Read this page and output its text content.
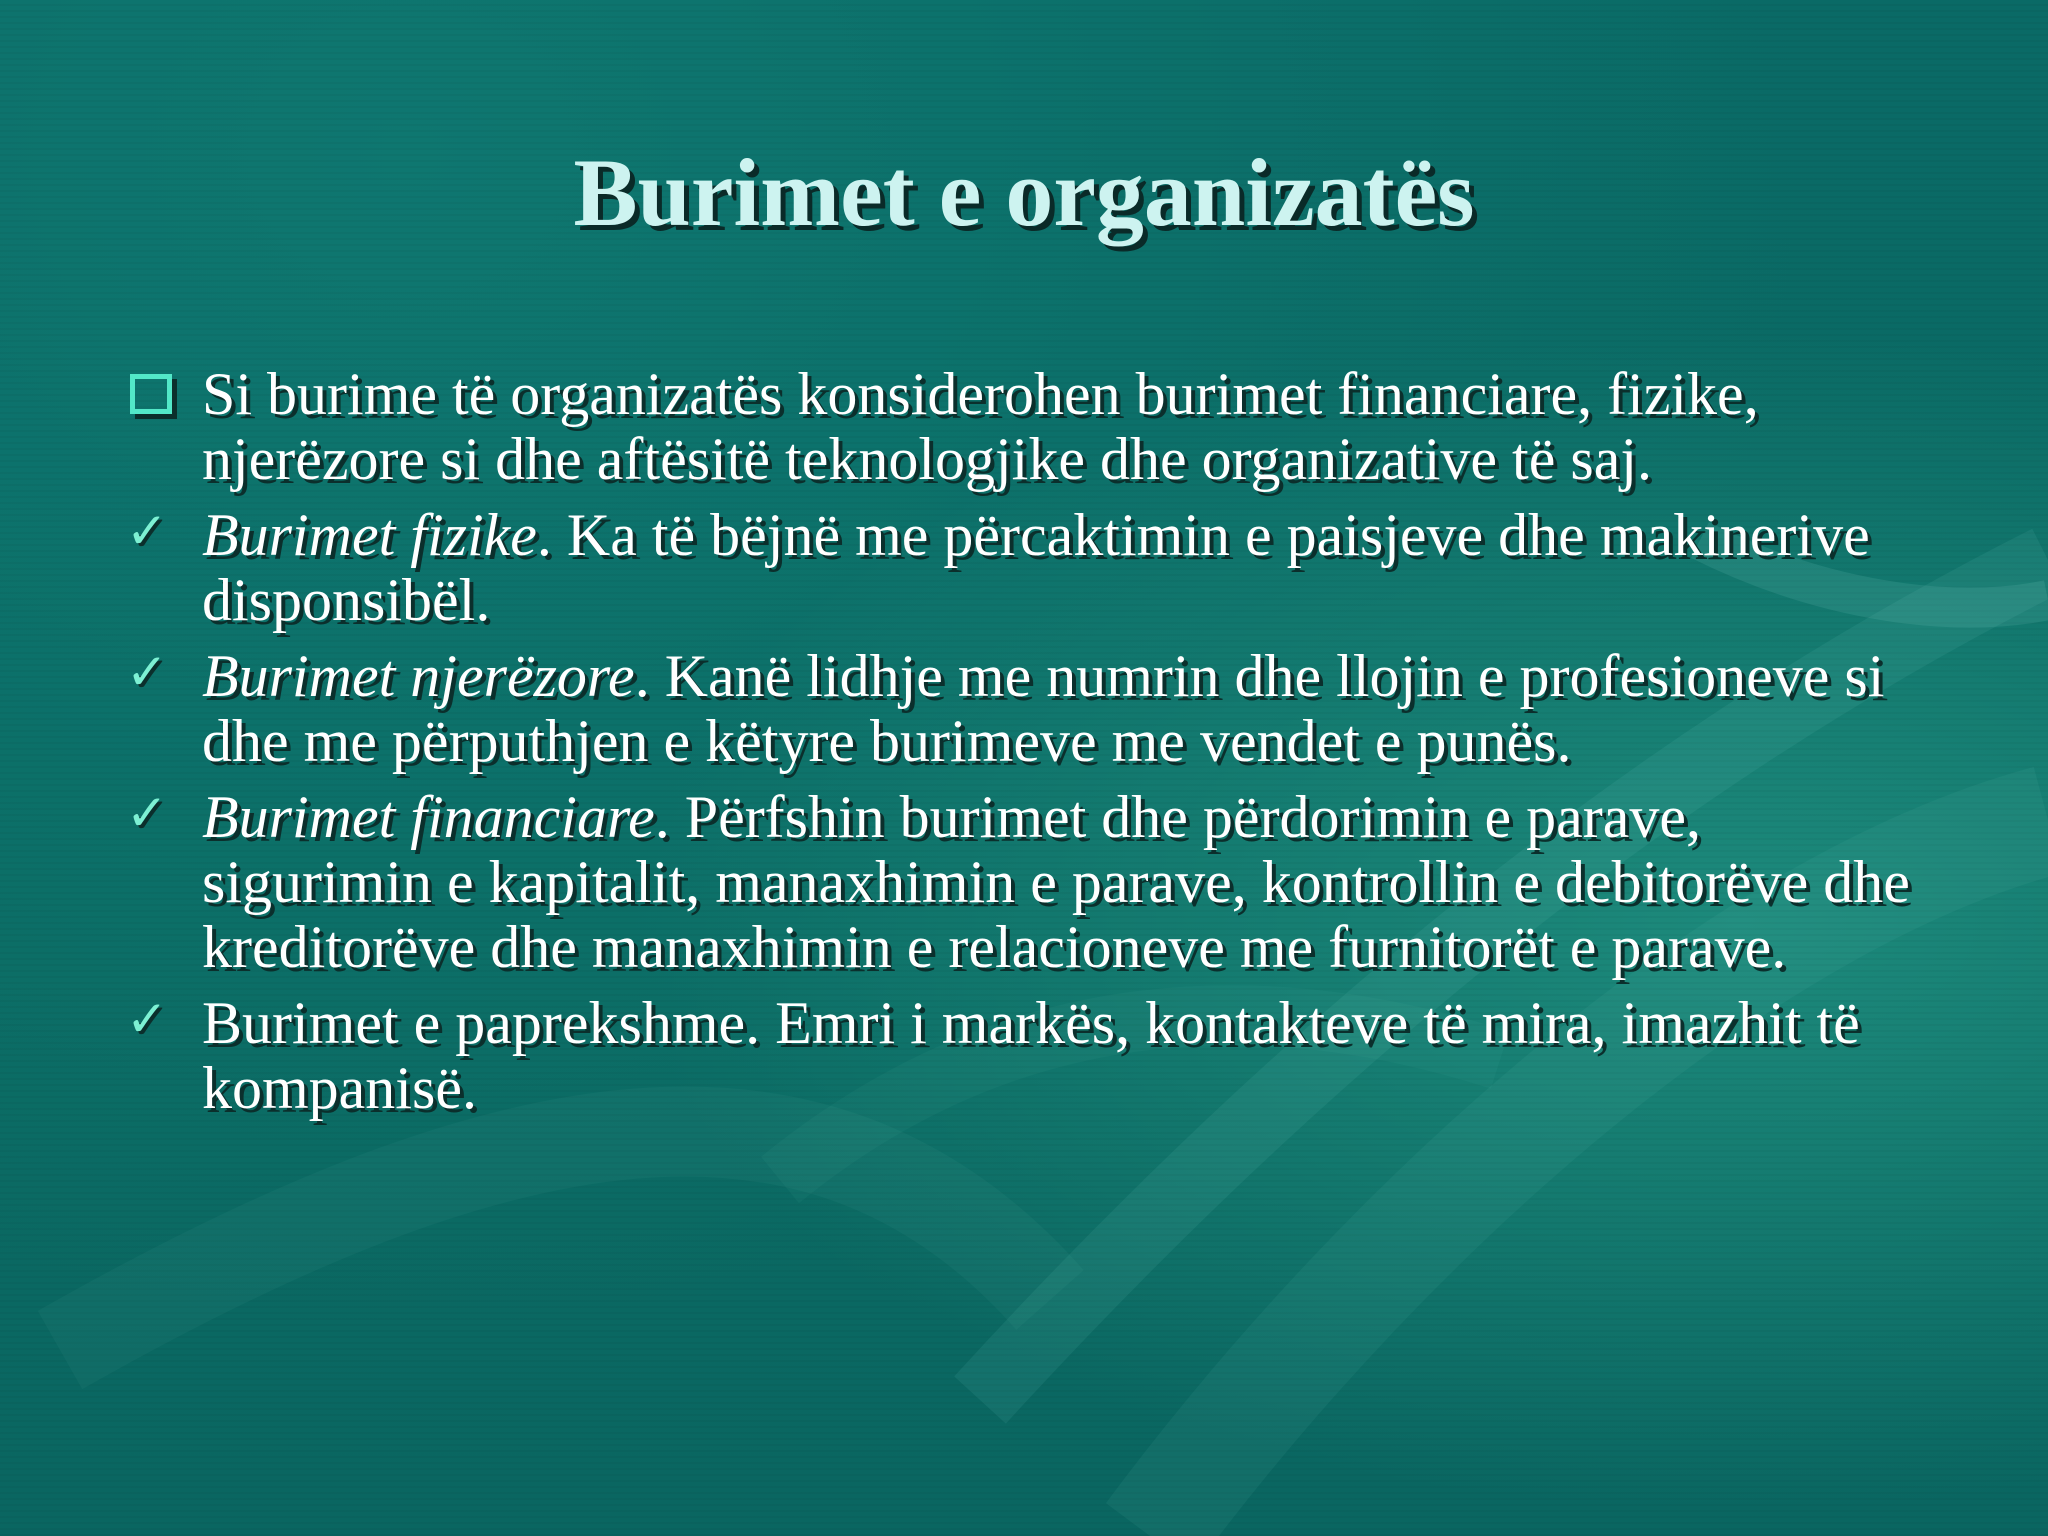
Burimet e organizatës
Si burime të organizatës konsiderohen burimet financiare, fizike, njerëzore si dhe aftësitë teknologjike dhe organizative të saj.
✓ Burimet fizike. Ka të bëjnë me përcaktimin e paisjeve dhe makinerive disponsibël.
✓ Burimet njerëzore. Kanë lidhje me numrin dhe llojin e profesioneve si dhe me përputhjen e këtyre burimeve me vendet e punës.
✓ Burimet financiare. Përfshin burimet dhe përdorimin e parave, sigurimin e kapitalit, manaxhimin e parave, kontrollin e debitorëve dhe kreditorëve dhe manaxhimin e relacioneve me furnitorët e parave.
✓ Burimet e paprekshme. Emri i markës, kontakteve të mira, imazhit të kompanisë.
